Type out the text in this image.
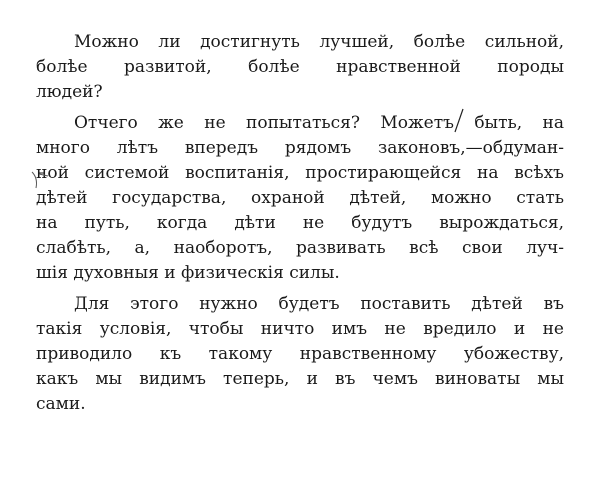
Можно ли достигнуть лучшей, болѣе сильной,
болѣе развитой, болѣе нравственной породы
людей?

Отчего же не попытаться? Можетъ быть, на
много лѣтъ впередъ рядомъ законовъ,—обдуман-
ной системой воспитанія, простирающейся на всѣхъ
дѣтей государства, охраной дѣтей, можно стать
на путь, когда дѣти не будутъ вырождаться,
слабѣть, а, наоборотъ, развивать всѣ свои луч-
шія духовныя и физическія силы.

Для этого нужно будетъ поставить дѣтей въ
такія условія, чтобы ничто имъ не вредило и не
приводило къ такому нравственному убожеству,
какъ мы видимъ теперь, и въ чемъ виноваты мы
сами.
